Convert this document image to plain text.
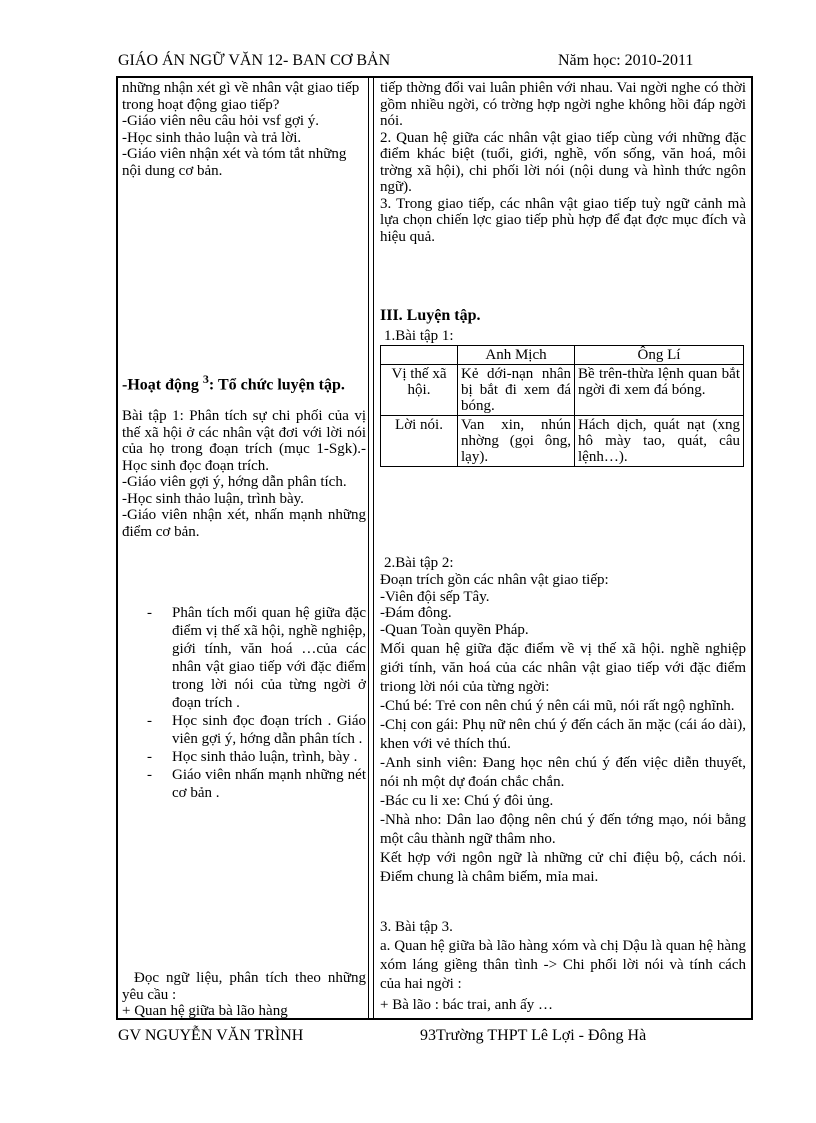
GIÁO ÁN NGỮ VĂN 12- BAN CƠ BẢN	Năm học: 2010-2011

những nhận xét gì về nhân vật giao tiếp trong hoạt động giao tiếp?

-Giáo viên nêu câu hỏi vsf gợi ý.

-Học sinh thảo luận và trả lời.

-Giáo viên nhận xét và tóm tắt những nội dung cơ bản.

-Hoạt động $^3$: Tổ chức luyện tập.

Bài tập 1: Phân tích sự chi phối của vị thế xã hội ở các nhân vật đơi với lời nói của họ trong đoạn trích (mục 1-Sgk).-Học sinh đọc đoạn trích.

-Giáo viên gợi ý, hớng dẫn phân tích.

-Học sinh thảo luận, trình bày.

-Giáo viên nhận xét, nhấn mạnh những điểm cơ bản.

- Phân tích mối quan hệ giữa đặc điểm vị thế xã hội, nghề nghiệp, giới tính, văn hoá …của các nhân vật giao tiếp với đặc điểm trong lời nói của từng ngời ở đoạn trích .
- Học sinh đọc đoạn trích . Giáo viên gợi ý, hớng dẫn phân tích .
- Học sinh thảo luận, trình, bày .
- Giáo viên nhấn mạnh những nét cơ bản .

Đọc ngữ liệu, phân tích theo những yêu cầu :

+ Quan hệ giữa bà lão hàng

tiếp thờng đổi vai luân phiên với nhau. Vai ngời nghe có thời gồm nhiều ngời, có trờng hợp ngời nghe không hồi đáp ngời nói.

2. Quan hệ giữa các nhân vật giao tiếp cùng với những đặc điểm khác biệt (tuổi, giới, nghề, vốn sống, văn hoá, môi trờng xã hội), chi phối lời nói (nội dung và hình thức ngôn ngữ).

3. Trong giao tiếp, các nhân vật giao tiếp tuỳ ngữ cảnh mà lựa chọn chiến lợc giao tiếp phù hợp để đạt đợc mục đích và hiệu quả.

III. Luyện tập.
1.Bài tập 1:
	Anh Mịch	Ông Lí
Vị thế xã hội.	Kẻ dới-nạn nhân bị bắt đi xem đá bóng.	Bề trên-thừa lệnh quan bắt ngời đi xem đá bóng.
Lời nói.	Van xin, nhún nhờng (gọi ông, lạy).	Hách dịch, quát nạt (xng hô mày tao, quát, câu lệnh…).
2.Bài tập 2:

Đoạn trích gồn các nhân vật giao tiếp:

-Viên đội sếp Tây.

-Đám đông.

-Quan Toàn quyền Pháp.

Mối quan hệ giữa đặc điểm về vị thế xã hội. nghề nghiệp giới tính, văn hoá của các nhân vật giao tiếp với đặc điểm triong lời nói của từng ngời:

-Chú bé: Trẻ con nên chú ý nên cái mũ, nói rất ngộ nghĩnh.

-Chị con gái: Phụ nữ nên chú ý đến cách ăn mặc (cái áo dài), khen với vẻ thích thú.

-Anh sinh viên: Đang học nên chú ý đến việc diễn thuyết, nói nh một dự đoán chắc chắn.

-Bác cu li xe: Chú ý đôi ủng.

-Nhà nho: Dân lao động nên chú ý đến tớng mạo, nói bằng một câu thành ngữ thâm nho.

Kết hợp với ngôn ngữ là những cử chỉ điệu bộ, cách nói. Điểm chung là châm biếm, mỉa mai.

3. Bài tập 3.
a. Quan hệ giữa bà lão hàng xóm và chị Dậu là quan hệ hàng xóm láng giềng thân tình -> Chi phối lời nói và tính cách của hai ngời :
+ Bà lão : bác trai, anh ấy …
GV NGUYỄN VĂN TRÌNH	93Trường THPT Lê Lợi - Đông Hà
